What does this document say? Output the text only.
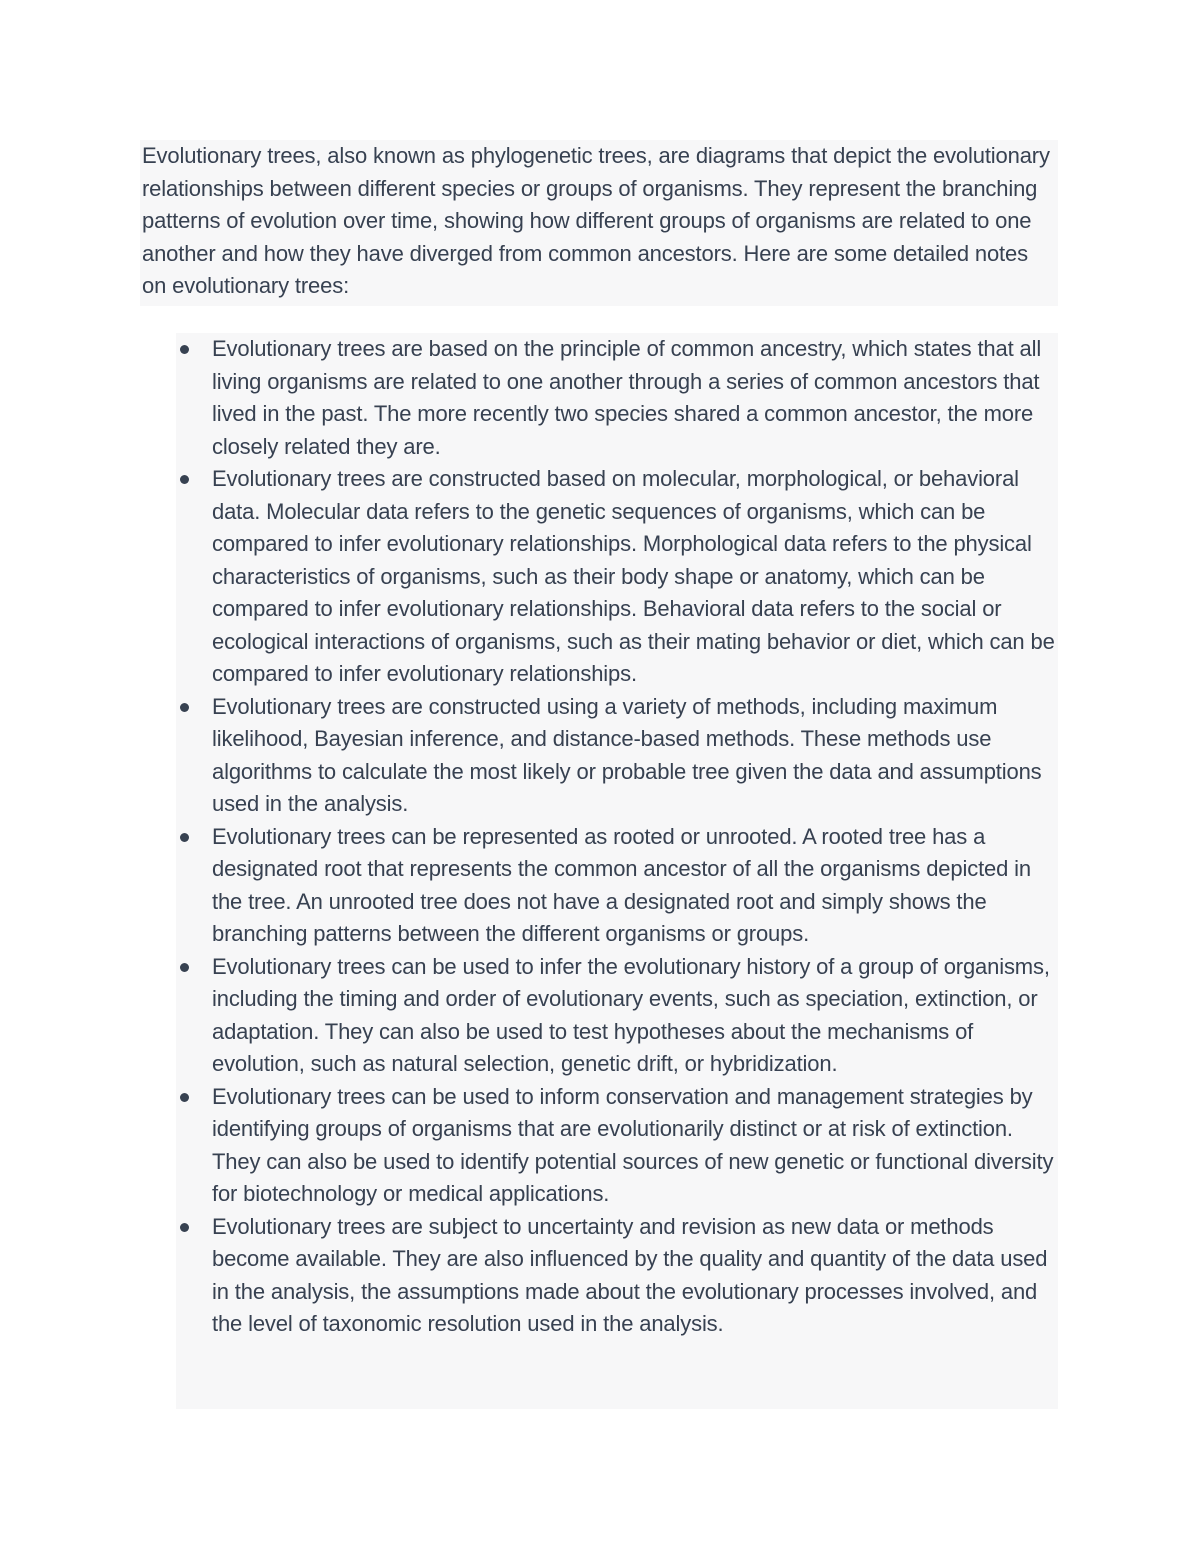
Evolutionary trees, also known as phylogenetic trees, are diagrams that depict the evolutionary relationships between different species or groups of organisms. They represent the branching patterns of evolution over time, showing how different groups of organisms are related to one another and how they have diverged from common ancestors. Here are some detailed notes on evolutionary trees:

Evolutionary trees are based on the principle of common ancestry, which states that all living organisms are related to one another through a series of common ancestors that lived in the past. The more recently two species shared a common ancestor, the more closely related they are.
Evolutionary trees are constructed based on molecular, morphological, or behavioral data. Molecular data refers to the genetic sequences of organisms, which can be compared to infer evolutionary relationships. Morphological data refers to the physical characteristics of organisms, such as their body shape or anatomy, which can be compared to infer evolutionary relationships. Behavioral data refers to the social or ecological interactions of organisms, such as their mating behavior or diet, which can be compared to infer evolutionary relationships.
Evolutionary trees are constructed using a variety of methods, including maximum likelihood, Bayesian inference, and distance-based methods. These methods use algorithms to calculate the most likely or probable tree given the data and assumptions used in the analysis.
Evolutionary trees can be represented as rooted or unrooted. A rooted tree has a designated root that represents the common ancestor of all the organisms depicted in the tree. An unrooted tree does not have a designated root and simply shows the branching patterns between the different organisms or groups.
Evolutionary trees can be used to infer the evolutionary history of a group of organisms, including the timing and order of evolutionary events, such as speciation, extinction, or adaptation. They can also be used to test hypotheses about the mechanisms of evolution, such as natural selection, genetic drift, or hybridization.
Evolutionary trees can be used to inform conservation and management strategies by identifying groups of organisms that are evolutionarily distinct or at risk of extinction. They can also be used to identify potential sources of new genetic or functional diversity for biotechnology or medical applications.
Evolutionary trees are subject to uncertainty and revision as new data or methods become available. They are also influenced by the quality and quantity of the data used in the analysis, the assumptions made about the evolutionary processes involved, and the level of taxonomic resolution used in the analysis.
